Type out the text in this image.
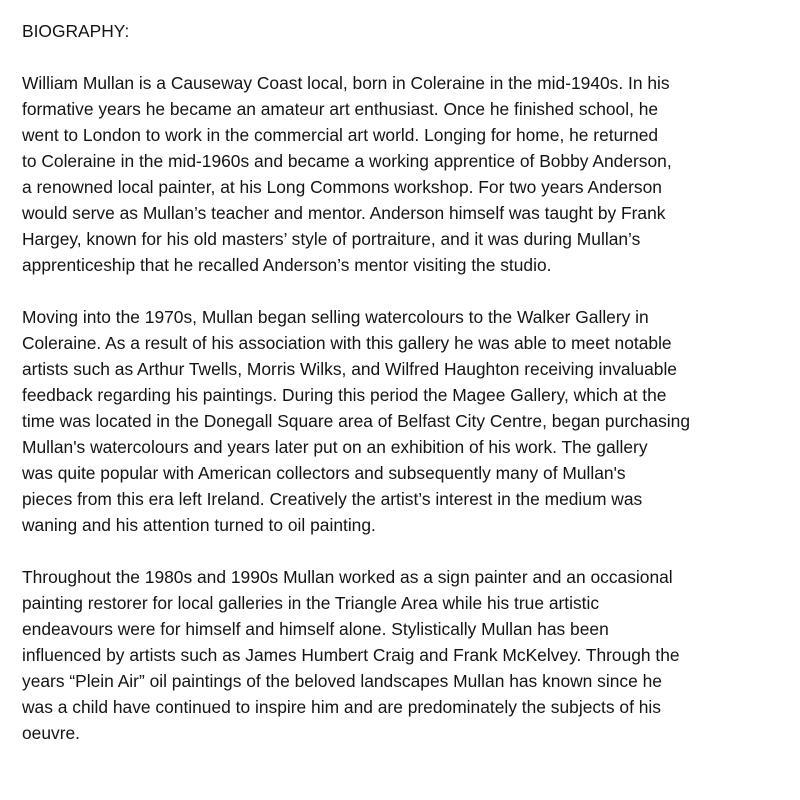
BIOGRAPHY:
William Mullan is a Causeway Coast local, born in Coleraine in the mid-1940s. In his
formative years he became an amateur art enthusiast. Once he finished school, he
went to London to work in the commercial art world. Longing for home, he returned
to Coleraine in the mid-1960s and became a working apprentice of Bobby Anderson,
a renowned local painter, at his Long Commons workshop. For two years Anderson
would serve as Mullan’s teacher and mentor. Anderson himself was taught by Frank
Hargey, known for his old masters’ style of portraiture, and it was during Mullan’s
apprenticeship that he recalled Anderson’s mentor visiting the studio.
Moving into the 1970s, Mullan began selling watercolours to the Walker Gallery in
Coleraine. As a result of his association with this gallery he was able to meet notable
artists such as Arthur Twells, Morris Wilks, and Wilfred Haughton receiving invaluable
feedback regarding his paintings. During this period the Magee Gallery, which at the
time was located in the Donegall Square area of Belfast City Centre, began purchasing
Mullan's watercolours and years later put on an exhibition of his work. The gallery
was quite popular with American collectors and subsequently many of Mullan's
pieces from this era left Ireland. Creatively the artist’s interest in the medium was
waning and his attention turned to oil painting.
Throughout the 1980s and 1990s Mullan worked as a sign painter and an occasional
painting restorer for local galleries in the Triangle Area while his true artistic
endeavours were for himself and himself alone. Stylistically Mullan has been
influenced by artists such as James Humbert Craig and Frank McKelvey. Through the
years “Plein Air” oil paintings of the beloved landscapes Mullan has known since he
was a child have continued to inspire him and are predominately the subjects of his
oeuvre.
